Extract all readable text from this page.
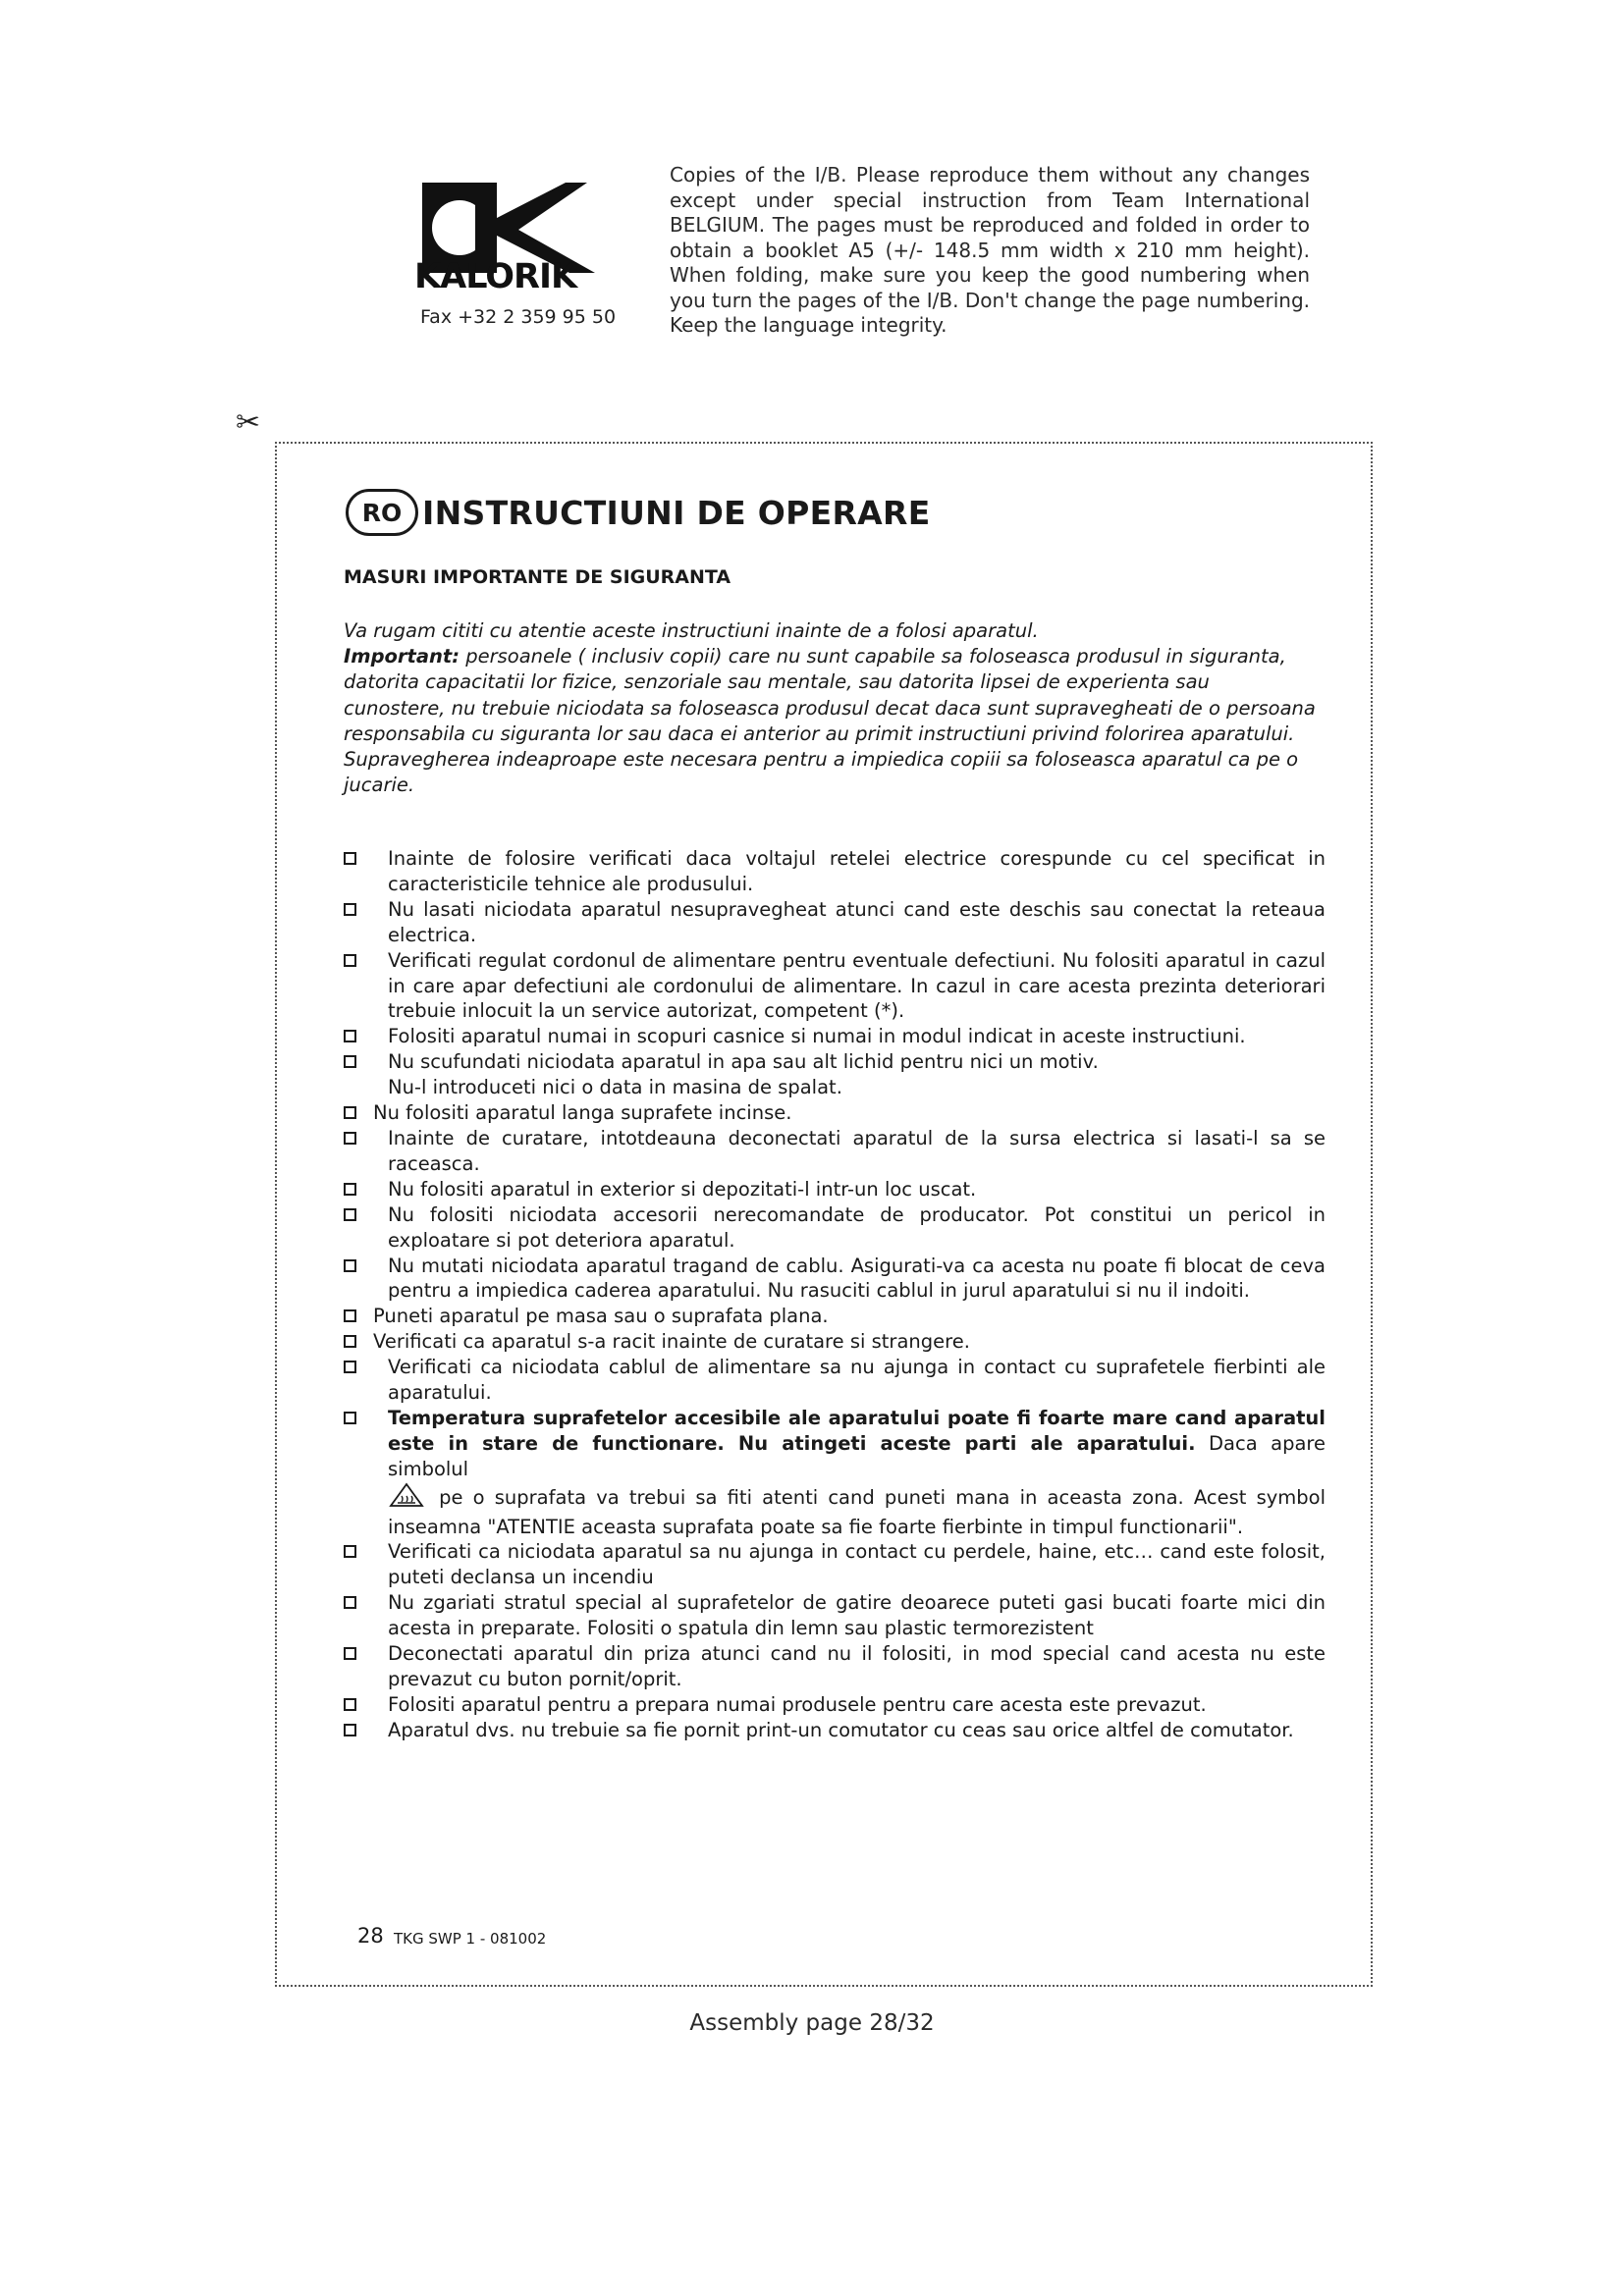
KALORIK
Fax +32 2 359 95 50
Copies of the I/B. Please reproduce them without any changes except under special instruction from Team International BELGIUM. The pages must be reproduced and folded in order to obtain a booklet A5 (+/- 148.5 mm width x 210 mm height). When folding, make sure you keep the good numbering when you turn the pages of the I/B. Don't change the page numbering. Keep the language integrity.
✂
RO INSTRUCTIUNI DE OPERARE
MASURI IMPORTANTE DE SIGURANTA

Va rugam cititi cu atentie aceste instructiuni inainte de a folosi aparatul.

Important: persoanele ( inclusiv copii) care nu sunt capabile sa foloseasca produsul in siguranta, datorita capacitatii lor fizice, senzoriale sau mentale, sau datorita lipsei de experienta sau cunostere, nu trebuie niciodata sa foloseasca produsul decat daca sunt supravegheati de o persoana responsabila cu siguranta lor sau daca ei anterior au primit instructiuni privind folorirea aparatului.

Supravegherea indeaproape este necesara pentru a impiedica copiii sa foloseasca aparatul ca pe o jucarie.

Inainte de folosire verificati daca voltajul retelei electrice corespunde cu cel specificat in caracteristicile tehnice ale produsului.
Nu lasati niciodata aparatul nesupravegheat atunci cand este deschis sau conectat la reteaua electrica.
Verificati regulat cordonul de alimentare pentru eventuale defectiuni. Nu folositi aparatul in cazul in care apar defectiuni ale cordonului de alimentare. In cazul in care acesta prezinta deteriorari trebuie inlocuit la un service autorizat, competent (*).
Folositi aparatul numai in scopuri casnice si numai in modul indicat in aceste instructiuni.
Nu scufundati niciodata aparatul in apa sau alt lichid pentru nici un motiv.
Nu-l introduceti nici o data in masina de spalat.
Nu folositi aparatul langa suprafete incinse.
Inainte de curatare, intotdeauna deconectati aparatul de la sursa electrica si lasati-l sa se raceasca.
Nu folositi aparatul in exterior si depozitati-l intr-un loc uscat.
Nu folositi niciodata accesorii nerecomandate de producator. Pot constitui un pericol in exploatare si pot deteriora aparatul.
Nu mutati niciodata aparatul tragand de cablu. Asigurati-va ca acesta nu poate fi blocat de ceva pentru a impiedica caderea aparatului. Nu rasuciti cablul in jurul aparatului si nu il indoiti.
Puneti aparatul pe masa sau o suprafata plana.
Verificati ca aparatul s-a racit inainte de curatare si strangere.
Verificati ca niciodata cablul de alimentare sa nu ajunga in contact cu suprafetele fierbinti ale aparatului.
Temperatura suprafetelor accesibile ale aparatului poate fi foarte mare cand aparatul este in stare de functionare. Nu atingeti aceste parti ale aparatului. Daca apare simbolul
pe o suprafata va trebui sa fiti atenti cand puneti mana in aceasta zona. Acest symbol inseamna "ATENTIE aceasta suprafata poate sa fie foarte fierbinte in timpul functionarii".
Verificati ca niciodata aparatul sa nu ajunga in contact cu perdele, haine, etc… cand este folosit, puteti declansa un incendiu
Nu zgariati stratul special al suprafetelor de gatire deoarece puteti gasi bucati foarte mici din acesta in preparate. Folositi o spatula din lemn sau plastic termorezistent
Deconectati aparatul din priza atunci cand nu il folositi, in mod special cand acesta nu este prevazut cu buton pornit/oprit.
Folositi aparatul pentru a prepara numai produsele pentru care acesta este prevazut.
Aparatul dvs. nu trebuie sa fie pornit print-un comutator cu ceas sau orice altfel de comutator.
28 TKG SWP 1 - 081002
Assembly page 28/32
